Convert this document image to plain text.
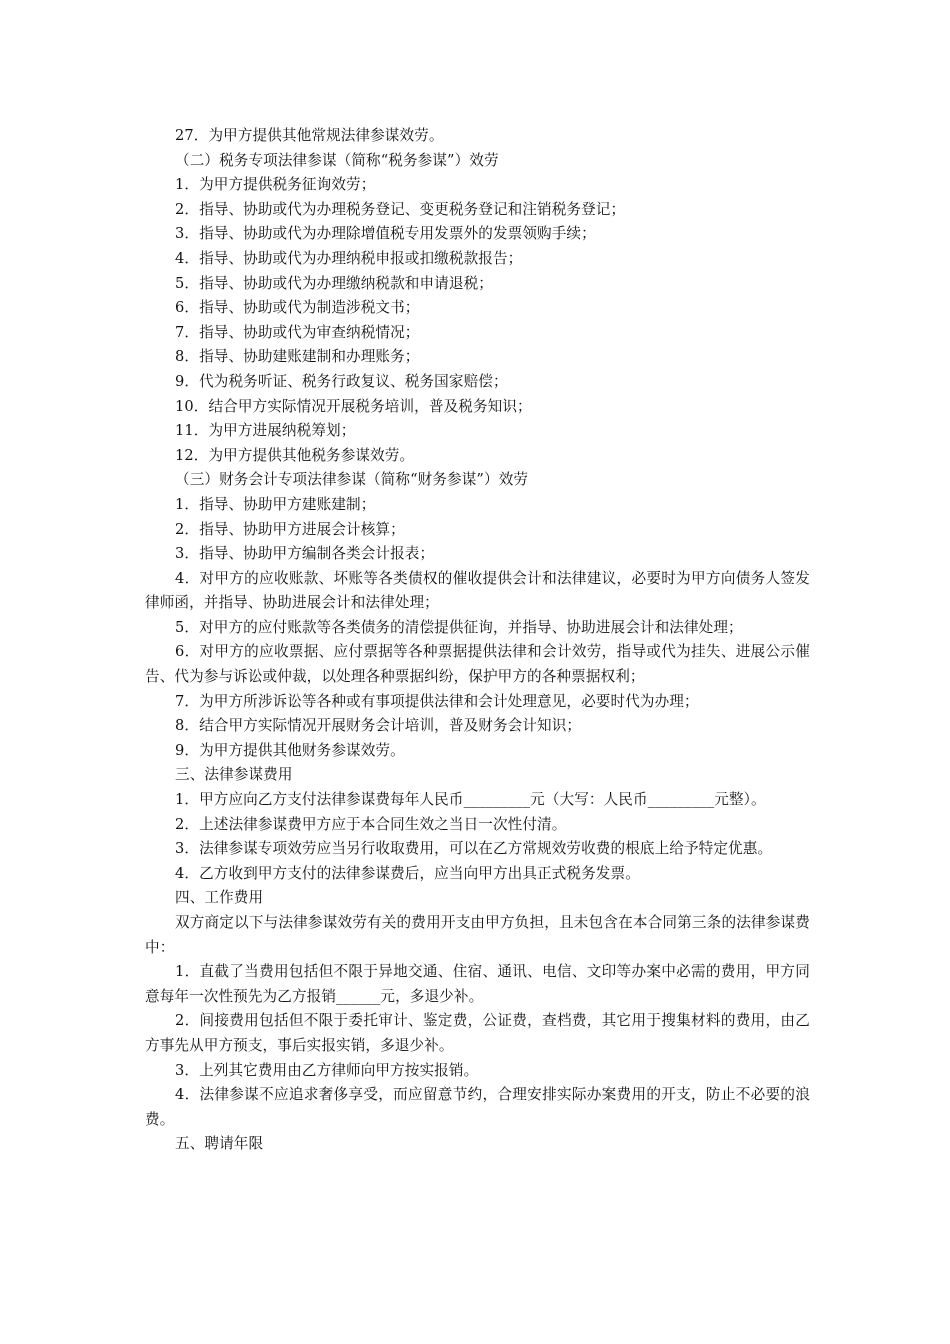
27．为甲方提供其他常规法律参谋效劳。

（二）税务专项法律参谋（简称“税务参谋”）效劳

1．为甲方提供税务征询效劳；

2．指导、协助或代为办理税务登记、变更税务登记和注销税务登记；

3．指导、协助或代为办理除增值税专用发票外的发票领购手续；

4．指导、协助或代为办理纳税申报或扣缴税款报告；

5．指导、协助或代为办理缴纳税款和申请退税；

6．指导、协助或代为制造涉税文书；

7．指导、协助或代为审查纳税情况；

8．指导、协助建账建制和办理账务；

9．代为税务听证、税务行政复议、税务国家赔偿；

10．结合甲方实际情况开展税务培训，普及税务知识；

11．为甲方进展纳税筹划；

12．为甲方提供其他税务参谋效劳。

（三）财务会计专项法律参谋（简称“财务参谋”）效劳

1．指导、协助甲方建账建制；

2．指导、协助甲方进展会计核算；

3．指导、协助甲方编制各类会计报表；

4．对甲方的应收账款、坏账等各类债权的催收提供会计和法律建议，必要时为甲方向债务人签发律师函，并指导、协助进展会计和法律处理；

5．对甲方的应付账款等各类债务的清偿提供征询，并指导、协助进展会计和法律处理；

6．对甲方的应收票据、应付票据等各种票据提供法律和会计效劳，指导或代为挂失、进展公示催告、代为参与诉讼或仲裁，以处理各种票据纠纷，保护甲方的各种票据权利；

7．为甲方所涉诉讼等各种或有事项提供法律和会计处理意见，必要时代为办理；

8．结合甲方实际情况开展财务会计培训，普及财务会计知识；

9．为甲方提供其他财务参谋效劳。

三、法律参谋费用

1．甲方应向乙方支付法律参谋费每年人民币_________元（大写：人民币_________元整）。

2．上述法律参谋费甲方应于本合同生效之当日一次性付清。

3．法律参谋专项效劳应当另行收取费用，可以在乙方常规效劳收费的根底上给予特定优惠。

4．乙方收到甲方支付的法律参谋费后，应当向甲方出具正式税务发票。

四、工作费用

双方商定以下与法律参谋效劳有关的费用开支由甲方负担，且未包含在本合同第三条的法律参谋费中：

1．直截了当费用包括但不限于异地交通、住宿、通讯、电信、文印等办案中必需的费用，甲方同意每年一次性预先为乙方报销______元，多退少补。

2．间接费用包括但不限于委托审计、鉴定费，公证费，查档费，其它用于搜集材料的费用，由乙方事先从甲方预支，事后实报实销，多退少补。

3．上列其它费用由乙方律师向甲方按实报销。

4．法律参谋不应追求奢侈享受，而应留意节约，合理安排实际办案费用的开支，防止不必要的浪费。

五、聘请年限
